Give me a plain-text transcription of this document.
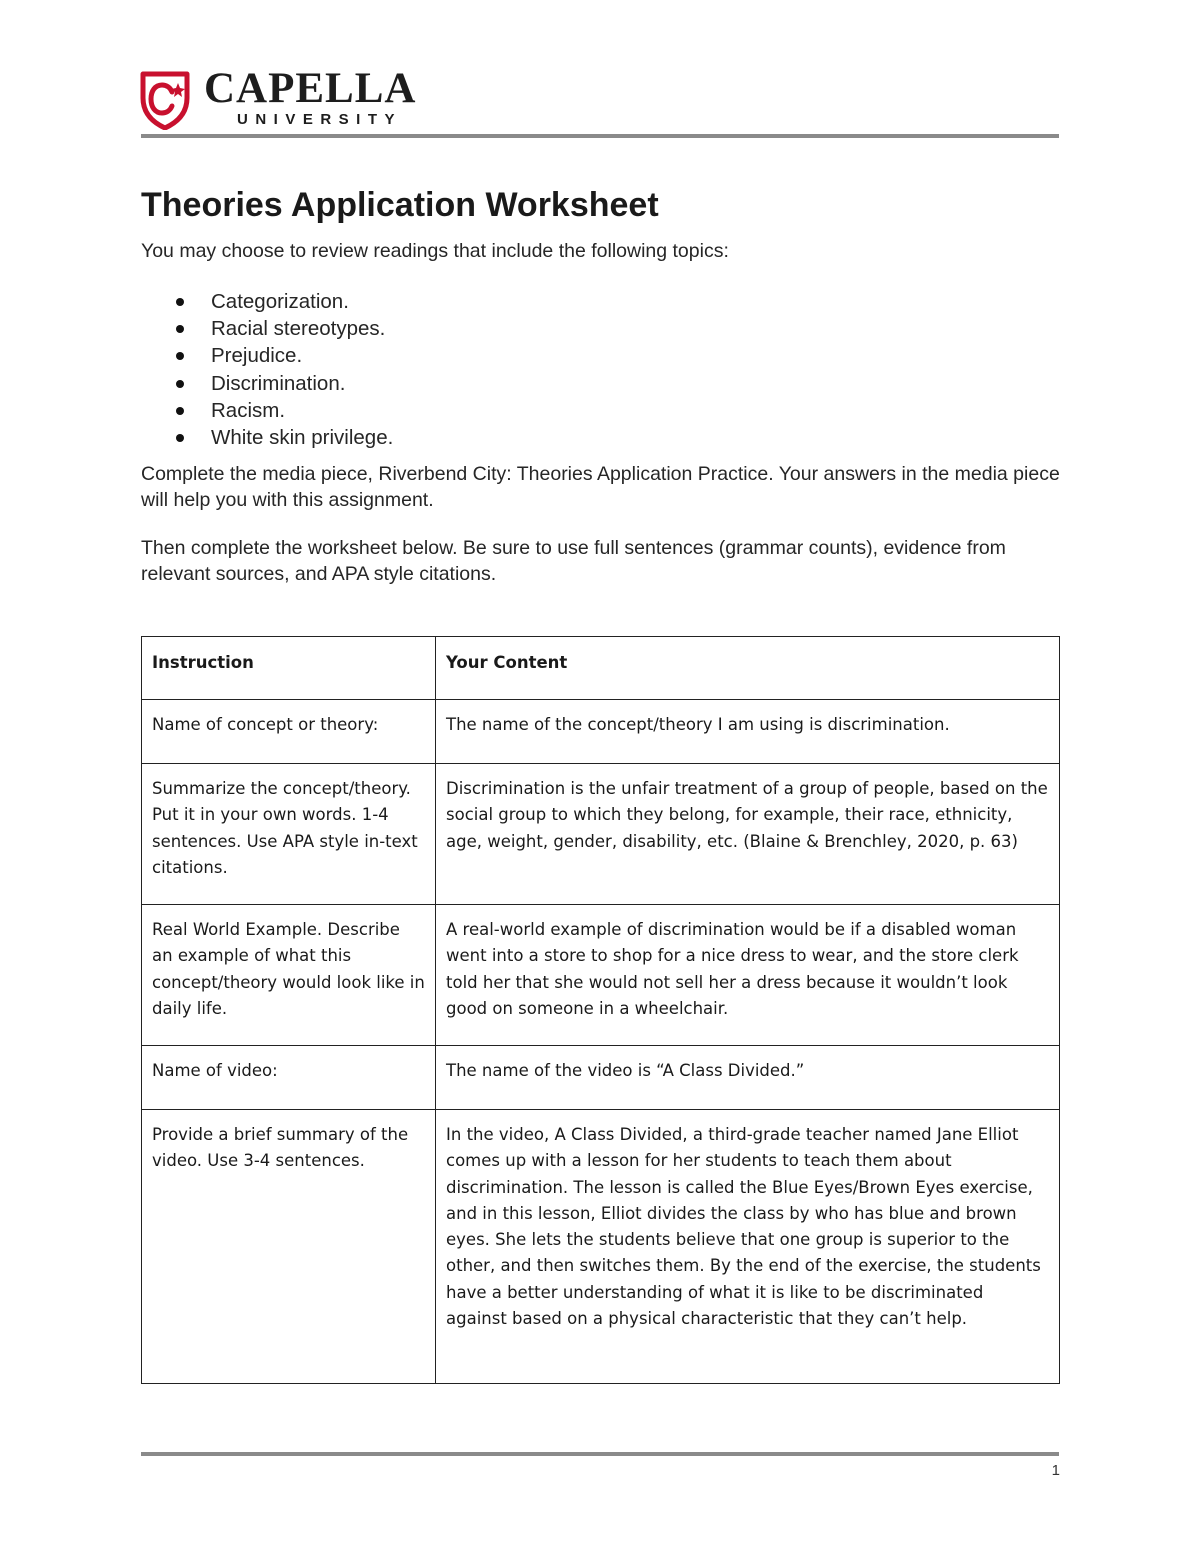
CAPELLA
UNIVERSITY
Theories Application Worksheet

You may choose to review readings that include the following topics:

Categorization.
Racial stereotypes.
Prejudice.
Discrimination.
Racism.
White skin privilege.

Complete the media piece, Riverbend City: Theories Application Practice. Your answers in the media piece will help you with this assignment.

Then complete the worksheet below. Be sure to use full sentences (grammar counts), evidence from relevant sources, and APA style citations.

Instruction	Your Content
Name of concept or theory:	The name of the concept/theory I am using is discrimination.
Summarize the concept/theory. Put it in your own words. 1-4 sentences. Use APA style in-text citations.	Discrimination is the unfair treatment of a group of people, based on the social group to which they belong, for example, their race, ethnicity, age, weight, gender, disability, etc. (Blaine & Brenchley, 2020, p. 63)
Real World Example. Describe an example of what this concept/theory would look like in daily life.	A real-world example of discrimination would be if a disabled woman went into a store to shop for a nice dress to wear, and the store clerk told her that she would not sell her a dress because it wouldn’t look good on someone in a wheelchair.
Name of video:	The name of the video is “A Class Divided.”
Provide a brief summary of the video. Use 3-4 sentences.	In the video, A Class Divided, a third-grade teacher named Jane Elliot comes up with a lesson for her students to teach them about discrimination. The lesson is called the Blue Eyes/Brown Eyes exercise, and in this lesson, Elliot divides the class by who has blue and brown eyes. She lets the students believe that one group is superior to the other, and then switches them. By the end of the exercise, the students have a better understanding of what it is like to be discriminated against based on a physical characteristic that they can’t help.
1
